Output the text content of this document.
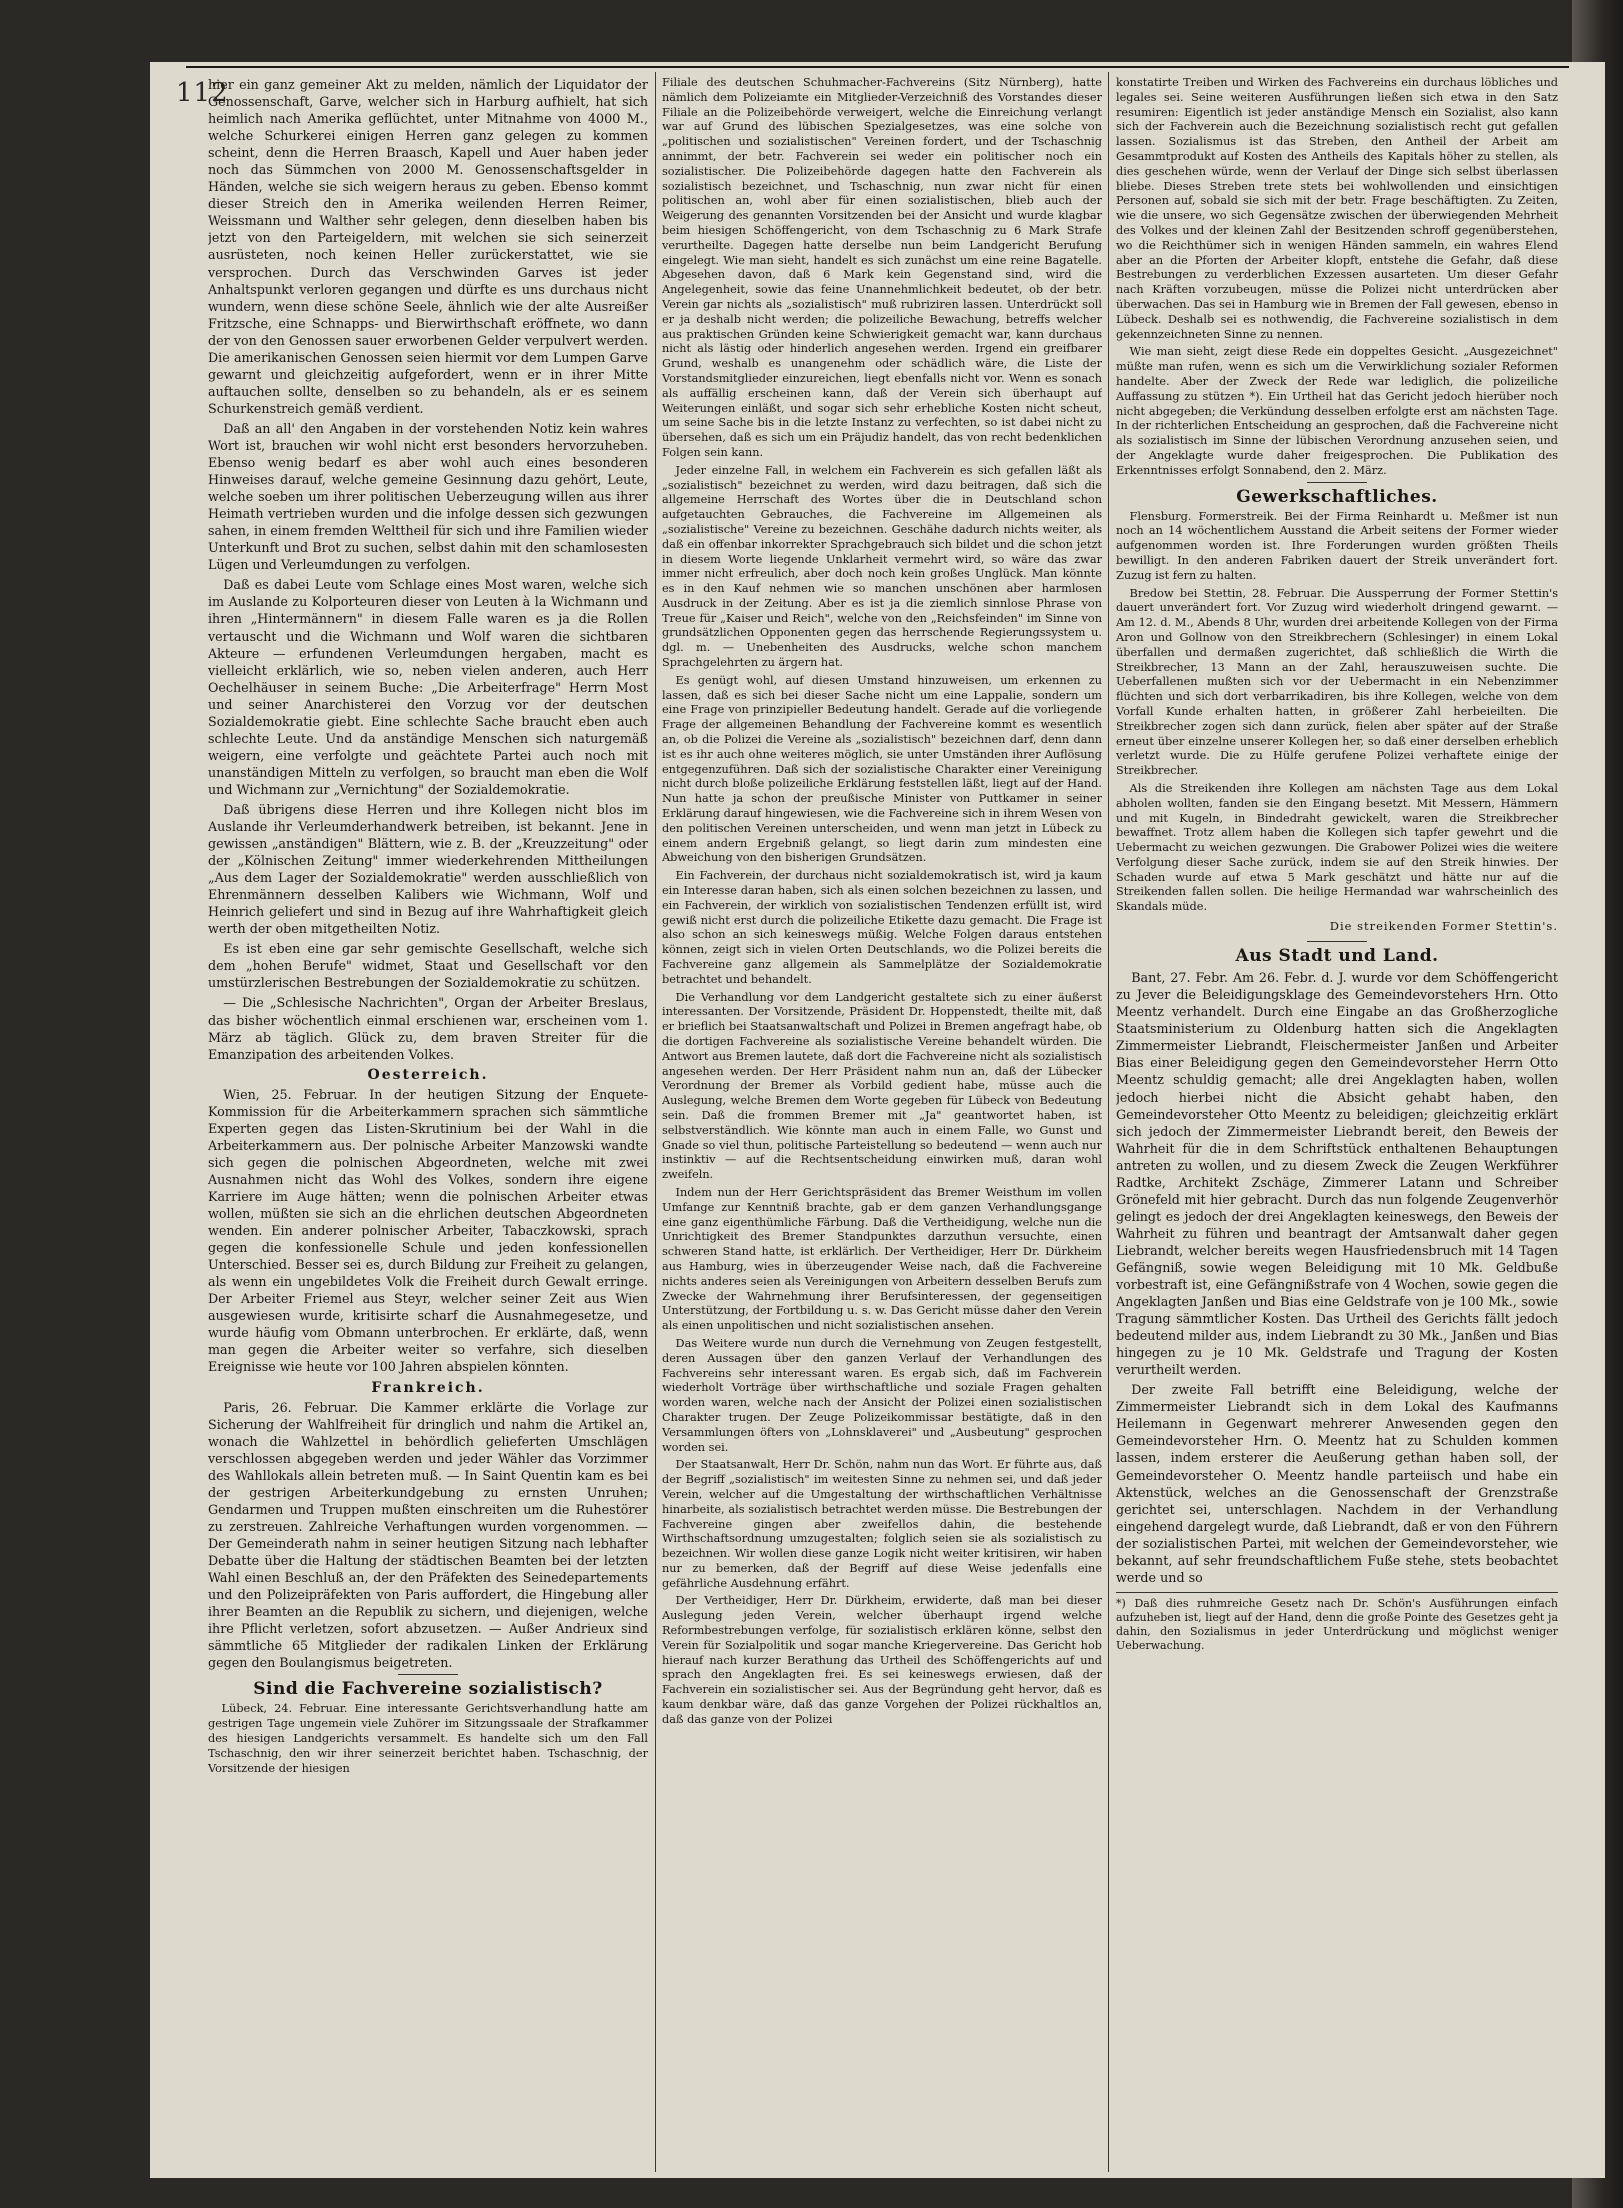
112

hier ein ganz gemeiner Akt zu melden, nämlich der Liquidator der Genossenschaft, Garve, welcher sich in Harburg aufhielt, hat sich heimlich nach Amerika geflüchtet, unter Mitnahme von 4000 M., welche Schurkerei einigen Herren ganz gelegen zu kommen scheint, denn die Herren Braasch, Kapell und Auer haben jeder noch das Sümmchen von 2000 M. Genossenschaftsgelder in Händen, welche sie sich weigern heraus zu geben. Ebenso kommt dieser Streich den in Amerika weilenden Herren Reimer, Weissmann und Walther sehr gelegen, denn dieselben haben bis jetzt von den Parteigeldern, mit welchen sie sich seinerzeit ausrüsteten, noch keinen Heller zurückerstattet, wie sie versprochen. Durch das Verschwinden Garves ist jeder Anhaltspunkt verloren gegangen und dürfte es uns durchaus nicht wundern, wenn diese schöne Seele, ähnlich wie der alte Ausreißer Fritzsche, eine Schnapps- und Bierwirthschaft eröffnete, wo dann der von den Genossen sauer erworbenen Gelder verpulvert werden. Die amerikanischen Genossen seien hiermit vor dem Lumpen Garve gewarnt und gleichzeitig aufgefordert, wenn er in ihrer Mitte auftauchen sollte, denselben so zu behandeln, als er es seinem Schurkenstreich gemäß verdient.

Daß an all' den Angaben in der vorstehenden Notiz kein wahres Wort ist, brauchen wir wohl nicht erst besonders hervorzuheben. Ebenso wenig bedarf es aber wohl auch eines besonderen Hinweises darauf, welche gemeine Gesinnung dazu gehört, Leute, welche soeben um ihrer politischen Ueberzeugung willen aus ihrer Heimath vertrieben wurden und die infolge dessen sich gezwungen sahen, in einem fremden Welttheil für sich und ihre Familien wieder Unterkunft und Brot zu suchen, selbst dahin mit den schamlosesten Lügen und Verleumdungen zu verfolgen.

Daß es dabei Leute vom Schlage eines Most waren, welche sich im Auslande zu Kolporteuren dieser von Leuten à la Wichmann und ihren „Hintermännern" in diesem Falle waren es ja die Rollen vertauscht und die Wichmann und Wolf waren die sichtbaren Akteure — erfundenen Verleumdungen hergaben, macht es vielleicht erklärlich, wie so, neben vielen anderen, auch Herr Oechelhäuser in seinem Buche: „Die Arbeiterfrage" Herrn Most und seiner Anarchisterei den Vorzug vor der deutschen Sozialdemokratie giebt. Eine schlechte Sache braucht eben auch schlechte Leute. Und da anständige Menschen sich naturgemäß weigern, eine verfolgte und geächtete Partei auch noch mit unanständigen Mitteln zu verfolgen, so braucht man eben die Wolf und Wichmann zur „Vernichtung" der Sozialdemokratie.

Daß übrigens diese Herren und ihre Kollegen nicht blos im Auslande ihr Verleumderhandwerk betreiben, ist bekannt. Jene in gewissen „anständigen" Blättern, wie z. B. der „Kreuzzeitung" oder der „Kölnischen Zeitung" immer wiederkehrenden Mittheilungen „Aus dem Lager der Sozialdemokratie" werden ausschließlich von Ehrenmännern desselben Kalibers wie Wichmann, Wolf und Heinrich geliefert und sind in Bezug auf ihre Wahrhaftigkeit gleich werth der oben mitgetheilten Notiz.

Es ist eben eine gar sehr gemischte Gesellschaft, welche sich dem „hohen Berufe" widmet, Staat und Gesellschaft vor den umstürzlerischen Bestrebungen der Sozialdemokratie zu schützen.

— Die „Schlesische Nachrichten", Organ der Arbeiter Breslaus, das bisher wöchentlich einmal erschienen war, erscheinen vom 1. März ab täglich. Glück zu, dem braven Streiter für die Emanzipation des arbeitenden Volkes.

Oesterreich.

Wien, 25. Februar. In der heutigen Sitzung der Enquete-Kommission für die Arbeiterkammern sprachen sich sämmtliche Experten gegen das Listen-Skrutinium bei der Wahl in die Arbeiterkammern aus. Der polnische Arbeiter Manzowski wandte sich gegen die polnischen Abgeordneten, welche mit zwei Ausnahmen nicht das Wohl des Volkes, sondern ihre eigene Karriere im Auge hätten; wenn die polnischen Arbeiter etwas wollen, müßten sie sich an die ehrlichen deutschen Abgeordneten wenden. Ein anderer polnischer Arbeiter, Tabaczkowski, sprach gegen die konfessionelle Schule und jeden konfessionellen Unterschied. Besser sei es, durch Bildung zur Freiheit zu gelangen, als wenn ein ungebildetes Volk die Freiheit durch Gewalt erringe. Der Arbeiter Friemel aus Steyr, welcher seiner Zeit aus Wien ausgewiesen wurde, kritisirte scharf die Ausnahmegesetze, und wurde häufig vom Obmann unterbrochen. Er erklärte, daß, wenn man gegen die Arbeiter weiter so verfahre, sich dieselben Ereignisse wie heute vor 100 Jahren abspielen könnten.

Frankreich.

Paris, 26. Februar. Die Kammer erklärte die Vorlage zur Sicherung der Wahlfreiheit für dringlich und nahm die Artikel an, wonach die Wahlzettel in behördlich gelieferten Umschlägen verschlossen abgegeben werden und jeder Wähler das Vorzimmer des Wahllokals allein betreten muß. — In Saint Quentin kam es bei der gestrigen Arbeiterkundgebung zu ernsten Unruhen; Gendarmen und Truppen mußten einschreiten um die Ruhestörer zu zerstreuen. Zahlreiche Verhaftungen wurden vorgenommen. — Der Gemeinderath nahm in seiner heutigen Sitzung nach lebhafter Debatte über die Haltung der städtischen Beamten bei der letzten Wahl einen Beschluß an, der den Präfekten des Seinedepartements und den Polizeipräfekten von Paris auffordert, die Hingebung aller ihrer Beamten an die Republik zu sichern, und diejenigen, welche ihre Pflicht verletzen, sofort abzusetzen. — Außer Andrieux sind sämmtliche 65 Mitglieder der radikalen Linken der Erklärung gegen den Boulangismus beigetreten.

Sind die Fachvereine sozialistisch?

Lübeck, 24. Februar. Eine interessante Gerichtsverhandlung hatte am gestrigen Tage ungemein viele Zuhörer im Sitzungssaale der Strafkammer des hiesigen Landgerichts versammelt. Es handelte sich um den Fall Tschaschnig, den wir ihrer seinerzeit berichtet haben. Tschaschnig, der Vorsitzende der hiesigen

Filiale des deutschen Schuhmacher-Fachvereins (Sitz Nürnberg), hatte nämlich dem Polizeiamte ein Mitglieder-Verzeichniß des Vorstandes dieser Filiale an die Polizeibehörde verweigert, welche die Einreichung verlangt war auf Grund des lübischen Spezialgesetzes, was eine solche von „politischen und sozialistischen" Vereinen fordert, und der Tschaschnig annimmt, der betr. Fachverein sei weder ein politischer noch ein sozialistischer. Die Polizeibehörde dagegen hatte den Fachverein als sozialistisch bezeichnet, und Tschaschnig, nun zwar nicht für einen politischen an, wohl aber für einen sozialistischen, blieb auch der Weigerung des genannten Vorsitzenden bei der Ansicht und wurde klagbar beim hiesigen Schöffengericht, von dem Tschaschnig zu 6 Mark Strafe verurtheilte. Dagegen hatte derselbe nun beim Landgericht Berufung eingelegt. Wie man sieht, handelt es sich zunächst um eine reine Bagatelle. Abgesehen davon, daß 6 Mark kein Gegenstand sind, wird die Angelegenheit, sowie das feine Unannehmlichkeit bedeutet, ob der betr. Verein gar nichts als „sozialistisch" muß rubriziren lassen. Unterdrückt soll er ja deshalb nicht werden; die polizeiliche Bewachung, betreffs welcher aus praktischen Gründen keine Schwierigkeit gemacht war, kann durchaus nicht als lästig oder hinderlich angesehen werden. Irgend ein greifbarer Grund, weshalb es unangenehm oder schädlich wäre, die Liste der Vorstandsmitglieder einzureichen, liegt ebenfalls nicht vor. Wenn es sonach als auffällig erscheinen kann, daß der Verein sich überhaupt auf Weiterungen einläßt, und sogar sich sehr erhebliche Kosten nicht scheut, um seine Sache bis in die letzte Instanz zu verfechten, so ist dabei nicht zu übersehen, daß es sich um ein Präjudiz handelt, das von recht bedenklichen Folgen sein kann.

Jeder einzelne Fall, in welchem ein Fachverein es sich gefallen läßt als „sozialistisch" bezeichnet zu werden, wird dazu beitragen, daß sich die allgemeine Herrschaft des Wortes über die in Deutschland schon aufgetauchten Gebrauches, die Fachvereine im Allgemeinen als „sozialistische" Vereine zu bezeichnen. Geschähe dadurch nichts weiter, als daß ein offenbar inkorrekter Sprachgebrauch sich bildet und die schon jetzt in diesem Worte liegende Unklarheit vermehrt wird, so wäre das zwar immer nicht erfreulich, aber doch noch kein großes Unglück. Man könnte es in den Kauf nehmen wie so manchen unschönen aber harmlosen Ausdruck in der Zeitung. Aber es ist ja die ziemlich sinnlose Phrase von Treue für „Kaiser und Reich", welche von den „Reichsfeinden" im Sinne von grundsätzlichen Opponenten gegen das herrschende Regierungssystem u. dgl. m. — Unebenheiten des Ausdrucks, welche schon manchem Sprachgelehrten zu ärgern hat.

Es genügt wohl, auf diesen Umstand hinzuweisen, um erkennen zu lassen, daß es sich bei dieser Sache nicht um eine Lappalie, sondern um eine Frage von prinzipieller Bedeutung handelt. Gerade auf die vorliegende Frage der allgemeinen Behandlung der Fachvereine kommt es wesentlich an, ob die Polizei die Vereine als „sozialistisch" bezeichnen darf, denn dann ist es ihr auch ohne weiteres möglich, sie unter Umständen ihrer Auflösung entgegenzuführen. Daß sich der sozialistische Charakter einer Vereinigung nicht durch bloße polizeiliche Erklärung feststellen läßt, liegt auf der Hand. Nun hatte ja schon der preußische Minister von Puttkamer in seiner Erklärung darauf hingewiesen, wie die Fachvereine sich in ihrem Wesen von den politischen Vereinen unterscheiden, und wenn man jetzt in Lübeck zu einem andern Ergebniß gelangt, so liegt darin zum mindesten eine Abweichung von den bisherigen Grundsätzen.

Ein Fachverein, der durchaus nicht sozialdemokratisch ist, wird ja kaum ein Interesse daran haben, sich als einen solchen bezeichnen zu lassen, und ein Fachverein, der wirklich von sozialistischen Tendenzen erfüllt ist, wird gewiß nicht erst durch die polizeiliche Etikette dazu gemacht. Die Frage ist also schon an sich keineswegs müßig. Welche Folgen daraus entstehen können, zeigt sich in vielen Orten Deutschlands, wo die Polizei bereits die Fachvereine ganz allgemein als Sammelplätze der Sozialdemokratie betrachtet und behandelt.

Die Verhandlung vor dem Landgericht gestaltete sich zu einer äußerst interessanten. Der Vorsitzende, Präsident Dr. Hoppenstedt, theilte mit, daß er brieflich bei Staatsanwaltschaft und Polizei in Bremen angefragt habe, ob die dortigen Fachvereine als sozialistische Vereine behandelt würden. Die Antwort aus Bremen lautete, daß dort die Fachvereine nicht als sozialistisch angesehen werden. Der Herr Präsident nahm nun an, daß der Lübecker Verordnung der Bremer als Vorbild gedient habe, müsse auch die Auslegung, welche Bremen dem Worte gegeben für Lübeck von Bedeutung sein. Daß die frommen Bremer mit „Ja" geantwortet haben, ist selbstverständlich. Wie könnte man auch in einem Falle, wo Gunst und Gnade so viel thun, politische Parteistellung so bedeutend — wenn auch nur instinktiv — auf die Rechtsentscheidung einwirken muß, daran wohl zweifeln.

Indem nun der Herr Gerichtspräsident das Bremer Weisthum im vollen Umfange zur Kenntniß brachte, gab er dem ganzen Verhandlungsgange eine ganz eigenthümliche Färbung. Daß die Vertheidigung, welche nun die Unrichtigkeit des Bremer Standpunktes darzuthun versuchte, einen schweren Stand hatte, ist erklärlich. Der Vertheidiger, Herr Dr. Dürkheim aus Hamburg, wies in überzeugender Weise nach, daß die Fachvereine nichts anderes seien als Vereinigungen von Arbeitern desselben Berufs zum Zwecke der Wahrnehmung ihrer Berufsinteressen, der gegenseitigen Unterstützung, der Fortbildung u. s. w. Das Gericht müsse daher den Verein als einen unpolitischen und nicht sozialistischen ansehen.

Das Weitere wurde nun durch die Vernehmung von Zeugen festgestellt, deren Aussagen über den ganzen Verlauf der Verhandlungen des Fachvereins sehr interessant waren. Es ergab sich, daß im Fachverein wiederholt Vorträge über wirthschaftliche und soziale Fragen gehalten worden waren, welche nach der Ansicht der Polizei einen sozialistischen Charakter trugen. Der Zeuge Polizeikommissar bestätigte, daß in den Versammlungen öfters von „Lohnsklaverei" und „Ausbeutung" gesprochen worden sei.

Der Staatsanwalt, Herr Dr. Schön, nahm nun das Wort. Er führte aus, daß der Begriff „sozialistisch" im weitesten Sinne zu nehmen sei, und daß jeder Verein, welcher auf die Umgestaltung der wirthschaftlichen Verhältnisse hinarbeite, als sozialistisch betrachtet werden müsse. Die Bestrebungen der Fachvereine gingen aber zweifellos dahin, die bestehende Wirthschaftsordnung umzugestalten; folglich seien sie als sozialistisch zu bezeichnen. Wir wollen diese ganze Logik nicht weiter kritisiren, wir haben nur zu bemerken, daß der Begriff auf diese Weise jedenfalls eine gefährliche Ausdehnung erfährt.

Der Vertheidiger, Herr Dr. Dürkheim, erwiderte, daß man bei dieser Auslegung jeden Verein, welcher überhaupt irgend welche Reformbestrebungen verfolge, für sozialistisch erklären könne, selbst den Verein für Sozialpolitik und sogar manche Kriegervereine. Das Gericht hob hierauf nach kurzer Berathung das Urtheil des Schöffengerichts auf und sprach den Angeklagten frei. Es sei keineswegs erwiesen, daß der Fachverein ein sozialistischer sei. Aus der Begründung geht hervor, daß es kaum denkbar wäre, daß das ganze Vorgehen der Polizei rückhaltlos an, daß das ganze von der Polizei

konstatirte Treiben und Wirken des Fachvereins ein durchaus löbliches und legales sei. Seine weiteren Ausführungen ließen sich etwa in den Satz resumiren: Eigentlich ist jeder anständige Mensch ein Sozialist, also kann sich der Fachverein auch die Bezeichnung sozialistisch recht gut gefallen lassen. Sozialismus ist das Streben, den Antheil der Arbeit am Gesammtprodukt auf Kosten des Antheils des Kapitals höher zu stellen, als dies geschehen würde, wenn der Verlauf der Dinge sich selbst überlassen bliebe. Dieses Streben trete stets bei wohlwollenden und einsichtigen Personen auf, sobald sie sich mit der betr. Frage beschäftigten. Zu Zeiten, wie die unsere, wo sich Gegensätze zwischen der überwiegenden Mehrheit des Volkes und der kleinen Zahl der Besitzenden schroff gegenüberstehen, wo die Reichthümer sich in wenigen Händen sammeln, ein wahres Elend aber an die Pforten der Arbeiter klopft, entstehe die Gefahr, daß diese Bestrebungen zu verderblichen Exzessen ausarteten. Um dieser Gefahr nach Kräften vorzubeugen, müsse die Polizei nicht unterdrücken aber überwachen. Das sei in Hamburg wie in Bremen der Fall gewesen, ebenso in Lübeck. Deshalb sei es nothwendig, die Fachvereine sozialistisch in dem gekennzeichneten Sinne zu nennen.

Wie man sieht, zeigt diese Rede ein doppeltes Gesicht. „Ausgezeichnet" müßte man rufen, wenn es sich um die Verwirklichung sozialer Reformen handelte. Aber der Zweck der Rede war lediglich, die polizeiliche Auffassung zu stützen *). Ein Urtheil hat das Gericht jedoch hierüber noch nicht abgegeben; die Verkündung desselben erfolgte erst am nächsten Tage. In der richterlichen Entscheidung an gesprochen, daß die Fachvereine nicht als sozialistisch im Sinne der lübischen Verordnung anzusehen seien, und der Angeklagte wurde daher freigesprochen. Die Publikation des Erkenntnisses erfolgt Sonnabend, den 2. März.

Gewerkschaftliches.

Flensburg. Formerstreik. Bei der Firma Reinhardt u. Meßmer ist nun noch an 14 wöchentlichem Ausstand die Arbeit seitens der Former wieder aufgenommen worden ist. Ihre Forderungen wurden größten Theils bewilligt. In den anderen Fabriken dauert der Streik unverändert fort. Zuzug ist fern zu halten.

Bredow bei Stettin, 28. Februar. Die Aussperrung der Former Stettin's dauert unverändert fort. Vor Zuzug wird wiederholt dringend gewarnt. — Am 12. d. M., Abends 8 Uhr, wurden drei arbeitende Kollegen von der Firma Aron und Gollnow von den Streikbrechern (Schlesinger) in einem Lokal überfallen und dermaßen zugerichtet, daß schließlich die Wirth die Streikbrecher, 13 Mann an der Zahl, herauszuweisen suchte. Die Ueberfallenen mußten sich vor der Uebermacht in ein Nebenzimmer flüchten und sich dort verbarrikadiren, bis ihre Kollegen, welche von dem Vorfall Kunde erhalten hatten, in größerer Zahl herbeieilten. Die Streikbrecher zogen sich dann zurück, fielen aber später auf der Straße erneut über einzelne unserer Kollegen her, so daß einer derselben erheblich verletzt wurde. Die zu Hülfe gerufene Polizei verhaftete einige der Streikbrecher.

Als die Streikenden ihre Kollegen am nächsten Tage aus dem Lokal abholen wollten, fanden sie den Eingang besetzt. Mit Messern, Hämmern und mit Kugeln, in Bindedraht gewickelt, waren die Streikbrecher bewaffnet. Trotz allem haben die Kollegen sich tapfer gewehrt und die Uebermacht zu weichen gezwungen. Die Grabower Polizei wies die weitere Verfolgung dieser Sache zurück, indem sie auf den Streik hinwies. Der Schaden wurde auf etwa 5 Mark geschätzt und hätte nur auf die Streikenden fallen sollen. Die heilige Hermandad war wahrscheinlich des Skandals müde.

Die streikenden Former Stettin's.
Aus Stadt und Land.

Bant, 27. Febr. Am 26. Febr. d. J. wurde vor dem Schöffengericht zu Jever die Beleidigungsklage des Gemeindevorstehers Hrn. Otto Meentz verhandelt. Durch eine Eingabe an das Großherzogliche Staatsministerium zu Oldenburg hatten sich die Angeklagten Zimmermeister Liebrandt, Fleischermeister Janßen und Arbeiter Bias einer Beleidigung gegen den Gemeindevorsteher Herrn Otto Meentz schuldig gemacht; alle drei Angeklagten haben, wollen jedoch hierbei nicht die Absicht gehabt haben, den Gemeindevorsteher Otto Meentz zu beleidigen; gleichzeitig erklärt sich jedoch der Zimmermeister Liebrandt bereit, den Beweis der Wahrheit für die in dem Schriftstück enthaltenen Behauptungen antreten zu wollen, und zu diesem Zweck die Zeugen Werkführer Radtke, Architekt Zschäge, Zimmerer Latann und Schreiber Grönefeld mit hier gebracht. Durch das nun folgende Zeugenverhör gelingt es jedoch der drei Angeklagten keineswegs, den Beweis der Wahrheit zu führen und beantragt der Amtsanwalt daher gegen Liebrandt, welcher bereits wegen Hausfriedensbruch mit 14 Tagen Gefängniß, sowie wegen Beleidigung mit 10 Mk. Geldbuße vorbestraft ist, eine Gefängnißstrafe von 4 Wochen, sowie gegen die Angeklagten Janßen und Bias eine Geldstrafe von je 100 Mk., sowie Tragung sämmtlicher Kosten. Das Urtheil des Gerichts fällt jedoch bedeutend milder aus, indem Liebrandt zu 30 Mk., Janßen und Bias hingegen zu je 10 Mk. Geldstrafe und Tragung der Kosten verurtheilt werden.

Der zweite Fall betrifft eine Beleidigung, welche der Zimmermeister Liebrandt sich in dem Lokal des Kaufmanns Heilemann in Gegenwart mehrerer Anwesenden gegen den Gemeindevorsteher Hrn. O. Meentz hat zu Schulden kommen lassen, indem ersterer die Aeußerung gethan haben soll, der Gemeindevorsteher O. Meentz handle parteiisch und habe ein Aktenstück, welches an die Genossenschaft der Grenzstraße gerichtet sei, unterschlagen. Nachdem in der Verhandlung eingehend dargelegt wurde, daß Liebrandt, daß er von den Führern der sozialistischen Partei, mit welchen der Gemeindevorsteher, wie bekannt, auf sehr freundschaftlichem Fuße stehe, stets beobachtet werde und so

*) Daß dies ruhmreiche Gesetz nach Dr. Schön's Ausführungen einfach aufzuheben ist, liegt auf der Hand, denn die große Pointe des Gesetzes geht ja dahin, den Sozialismus in jeder Unterdrückung und möglichst weniger Ueberwachung.
